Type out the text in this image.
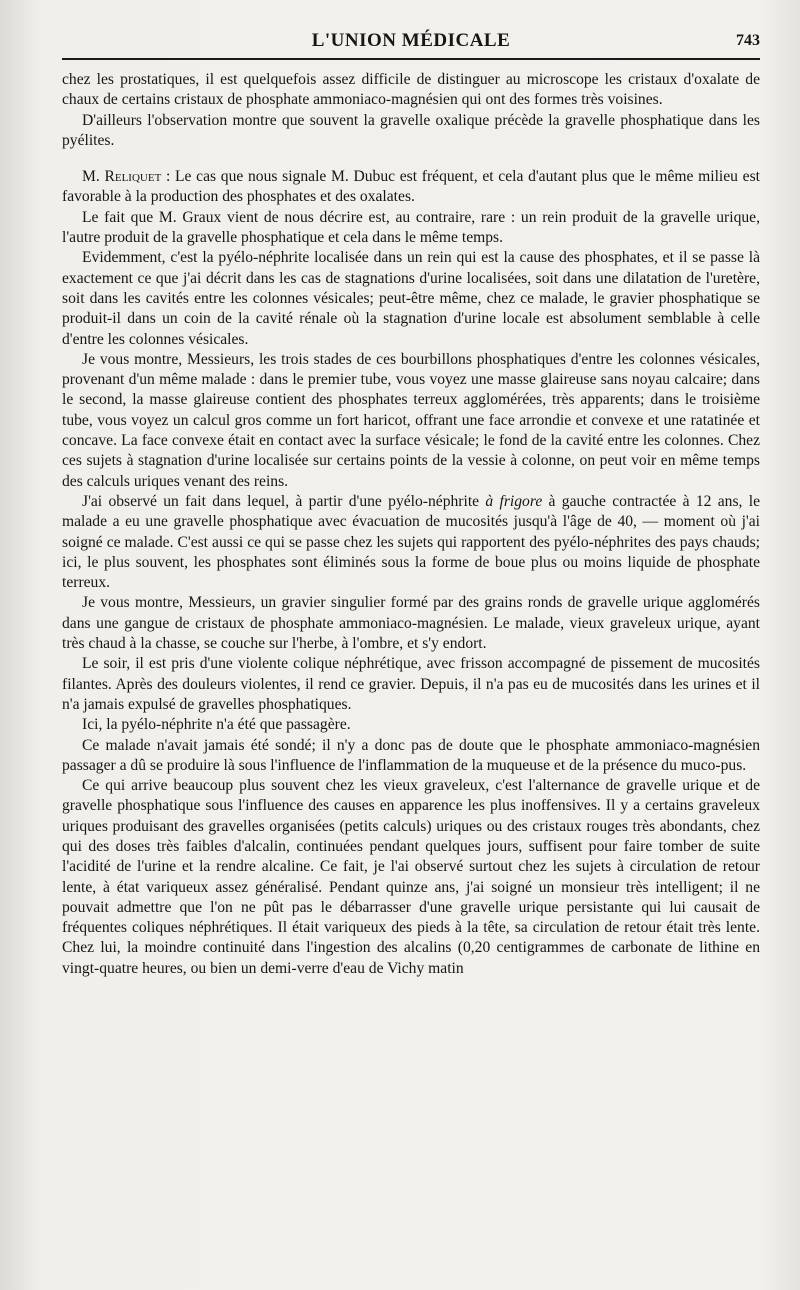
L'UNION MÉDICALE	743

chez les prostatiques, il est quelquefois assez difficile de distinguer au microscope les cristaux d'oxalate de chaux de certains cristaux de phosphate ammoniaco-magnésien qui ont des formes très voisines.

D'ailleurs l'observation montre que souvent la gravelle oxalique précède la gravelle phosphatique dans les pyélites.

M. Reliquet : Le cas que nous signale M. Dubuc est fréquent, et cela d'autant plus que le même milieu est favorable à la production des phosphates et des oxalates.

Le fait que M. Graux vient de nous décrire est, au contraire, rare : un rein produit de la gravelle urique, l'autre produit de la gravelle phosphatique et cela dans le même temps.

Evidemment, c'est la pyélo-néphrite localisée dans un rein qui est la cause des phosphates, et il se passe là exactement ce que j'ai décrit dans les cas de stagnations d'urine localisées, soit dans une dilatation de l'uretère, soit dans les cavités entre les colonnes vésicales; peut-être même, chez ce malade, le gravier phosphatique se produit-il dans un coin de la cavité rénale où la stagnation d'urine locale est absolument semblable à celle d'entre les colonnes vésicales.

Je vous montre, Messieurs, les trois stades de ces bourbillons phosphatiques d'entre les colonnes vésicales, provenant d'un même malade : dans le premier tube, vous voyez une masse glaireuse sans noyau calcaire; dans le second, la masse glaireuse contient des phosphates terreux agglomérées, très apparents; dans le troisième tube, vous voyez un calcul gros comme un fort haricot, offrant une face arrondie et convexe et une ratatinée et concave. La face convexe était en contact avec la surface vésicale; le fond de la cavité entre les colonnes. Chez ces sujets à stagnation d'urine localisée sur certains points de la vessie à colonne, on peut voir en même temps des calculs uriques venant des reins.

J'ai observé un fait dans lequel, à partir d'une pyélo-néphrite à frigore à gauche contractée à 12 ans, le malade a eu une gravelle phosphatique avec évacuation de mucosités jusqu'à l'âge de 40, — moment où j'ai soigné ce malade. C'est aussi ce qui se passe chez les sujets qui rapportent des pyélo-néphrites des pays chauds; ici, le plus souvent, les phosphates sont éliminés sous la forme de boue plus ou moins liquide de phosphate terreux.

Je vous montre, Messieurs, un gravier singulier formé par des grains ronds de gravelle urique agglomérés dans une gangue de cristaux de phosphate ammoniaco-magnésien. Le malade, vieux graveleux urique, ayant très chaud à la chasse, se couche sur l'herbe, à l'ombre, et s'y endort.

Le soir, il est pris d'une violente colique néphrétique, avec frisson accompagné de pissement de mucosités filantes. Après des douleurs violentes, il rend ce gravier. Depuis, il n'a pas eu de mucosités dans les urines et il n'a jamais expulsé de gravelles phosphatiques.

Ici, la pyélo-néphrite n'a été que passagère.

Ce malade n'avait jamais été sondé; il n'y a donc pas de doute que le phosphate ammoniaco-magnésien passager a dû se produire là sous l'influence de l'inflammation de la muqueuse et de la présence du muco-pus.

Ce qui arrive beaucoup plus souvent chez les vieux graveleux, c'est l'alternance de gravelle urique et de gravelle phosphatique sous l'influence des causes en apparence les plus inoffensives. Il y a certains graveleux uriques produisant des gravelles organisées (petits calculs) uriques ou des cristaux rouges très abondants, chez qui des doses très faibles d'alcalin, continuées pendant quelques jours, suffisent pour faire tomber de suite l'acidité de l'urine et la rendre alcaline. Ce fait, je l'ai observé surtout chez les sujets à circulation de retour lente, à état variqueux assez généralisé. Pendant quinze ans, j'ai soigné un monsieur très intelligent; il ne pouvait admettre que l'on ne pût pas le débarrasser d'une gravelle urique persistante qui lui causait de fréquentes coliques néphrétiques. Il était variqueux des pieds à la tête, sa circulation de retour était très lente. Chez lui, la moindre continuité dans l'ingestion des alcalins (0,20 centigrammes de carbonate de lithine en vingt-quatre heures, ou bien un demi-verre d'eau de Vichy matin
